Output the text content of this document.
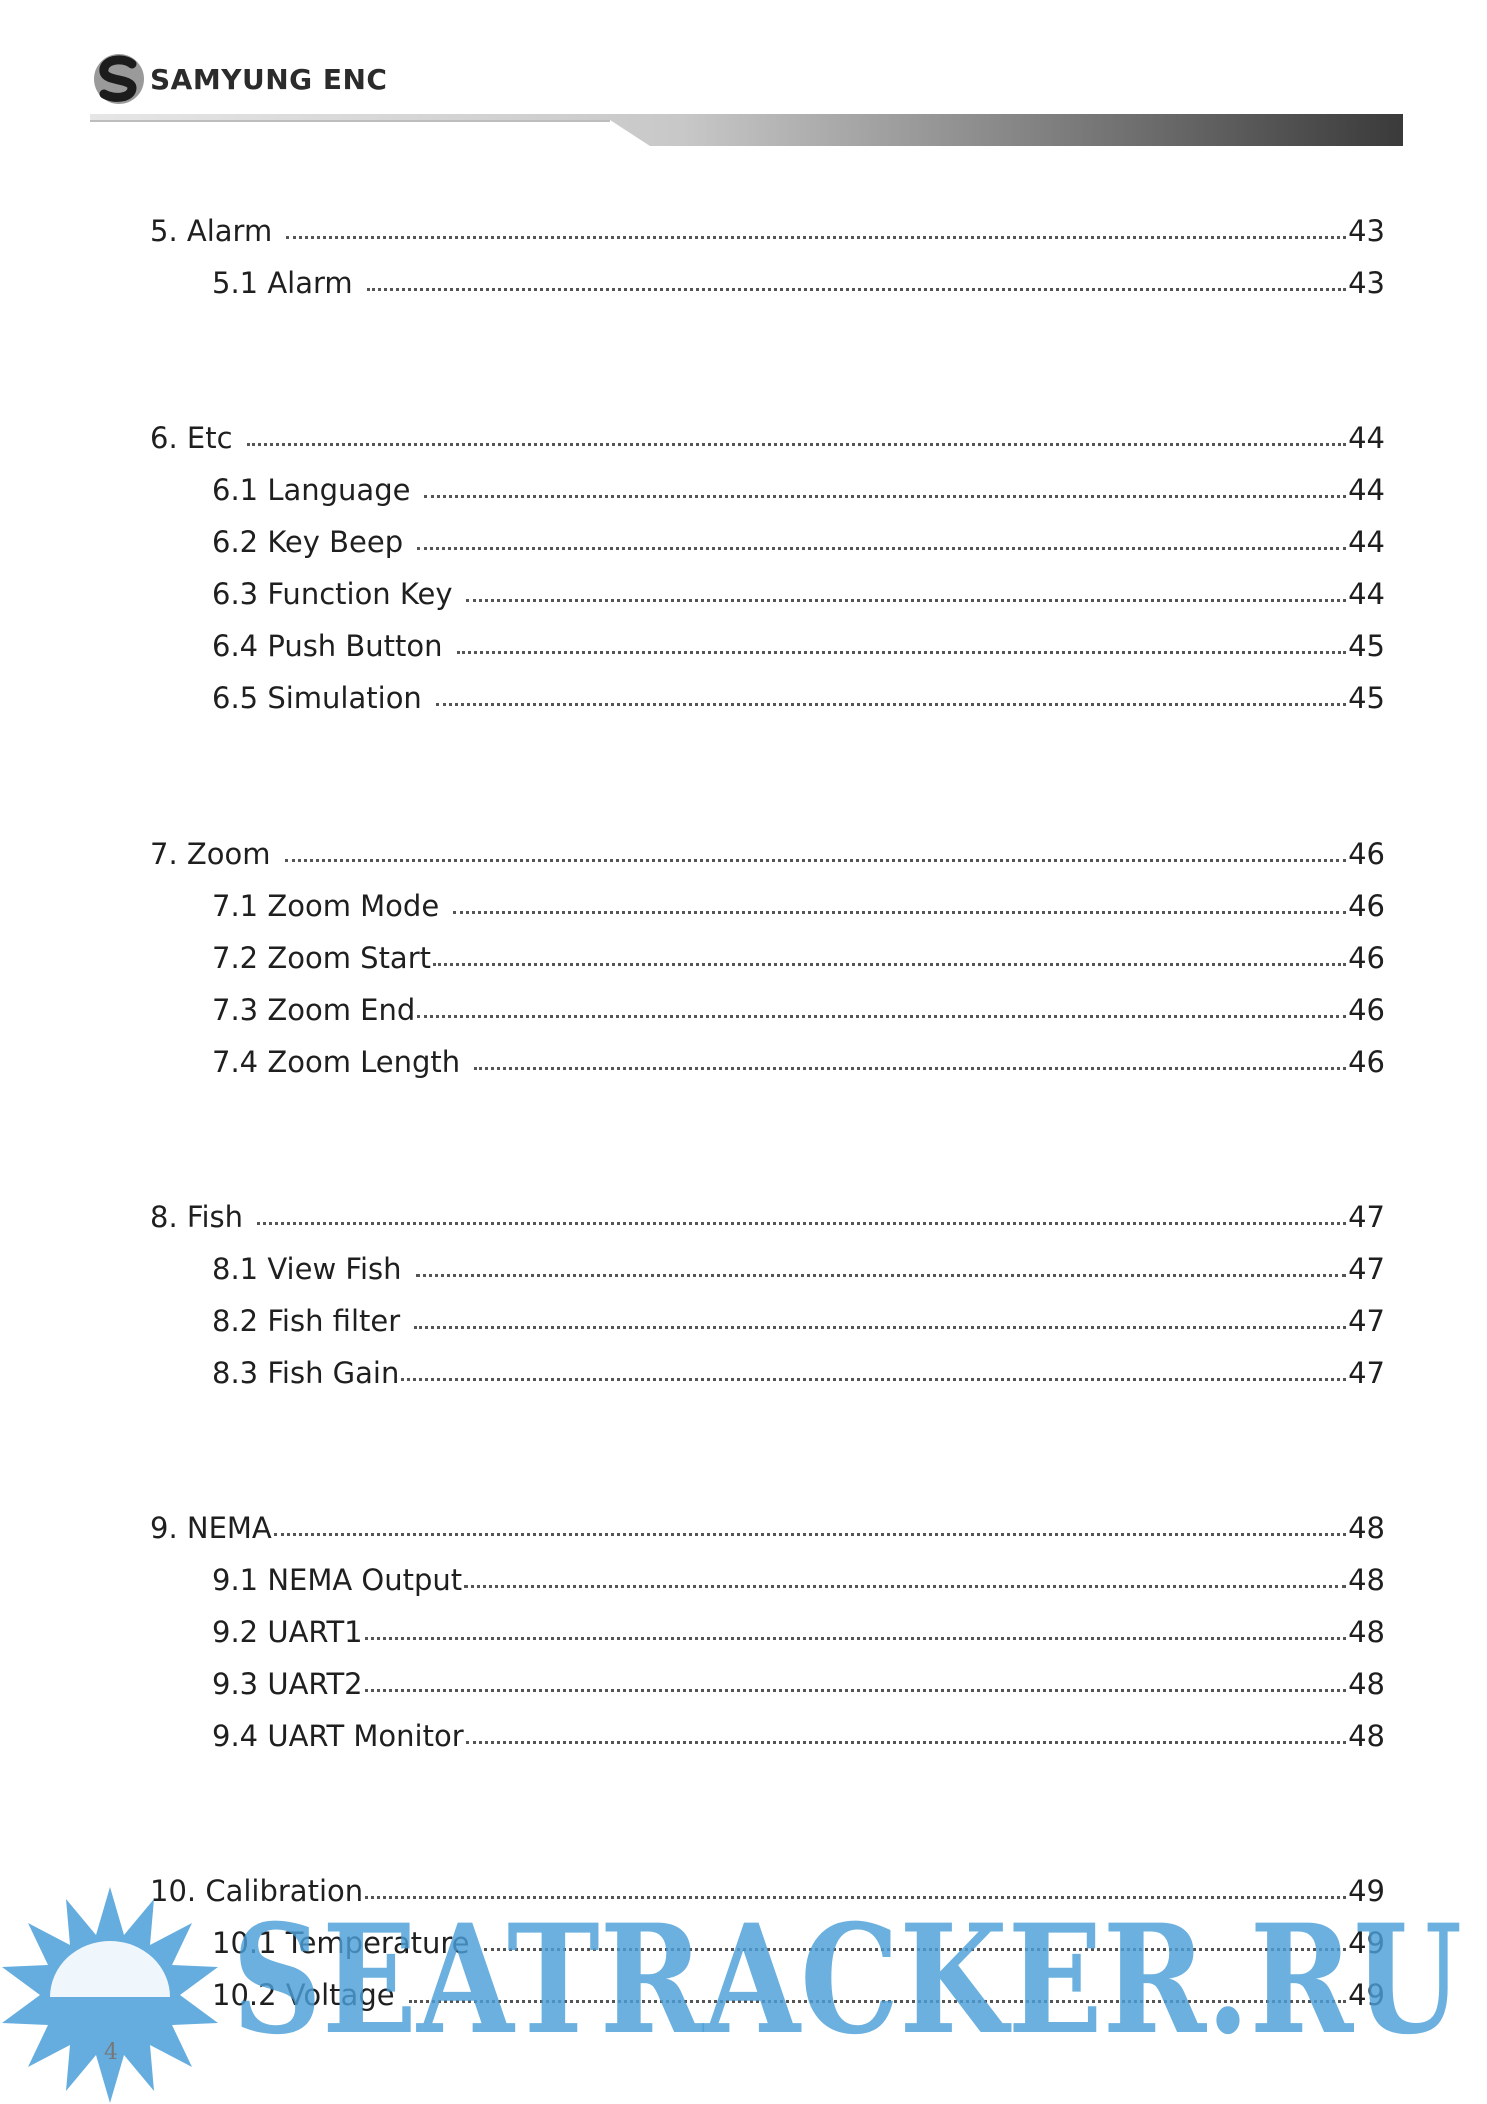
SAMYUNG ENC
5. Alarm	43
5.1 Alarm	43
6. Etc	44
6.1 Language	44
6.2 Key Beep	44
6.3 Function Key	44
6.4 Push Button	45
6.5 Simulation	45
7. Zoom	46
7.1 Zoom Mode	46
7.2 Zoom Start	46
7.3 Zoom End	46
7.4 Zoom Length	46
8. Fish	47
8.1 View Fish	47
8.2 Fish filter	47
8.3 Fish Gain	47
9. NEMA	48
9.1 NEMA Output	48
9.2 UART1	48
9.3 UART2	48
9.4 UART Monitor	48
10. Calibration	49
10.1 Temperature	49
10.2 Voltage	49
SEATRACKER.RU
4
